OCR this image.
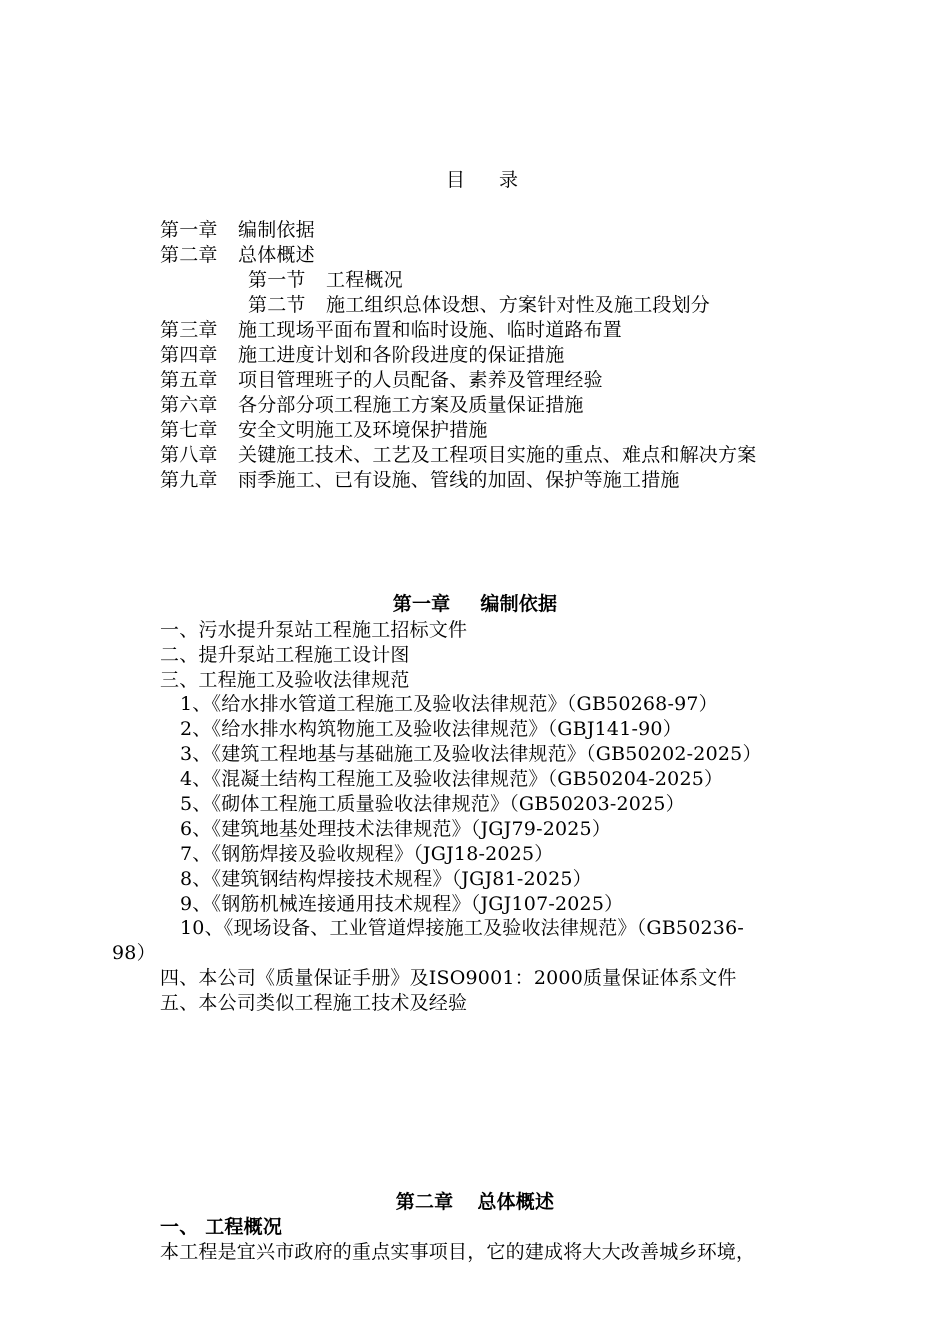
目 录
第一章 编制依据
第二章 总体概述
第一节 工程概况
第二节 施工组织总体设想、方案针对性及施工段划分
第三章 施工现场平面布置和临时设施、临时道路布置
第四章 施工进度计划和各阶段进度的保证措施
第五章 项目管理班子的人员配备、素养及管理经验
第六章 各分部分项工程施工方案及质量保证措施
第七章 安全文明施工及环境保护措施
第八章 关键施工技术、工艺及工程项目实施的重点、难点和解决方案
第九章 雨季施工、已有设施、管线的加固、保护等施工措施
第一章 编制依据
一、污水提升泵站工程施工招标文件
二、提升泵站工程施工设计图
三、工程施工及验收法律规范
1、《给水排水管道工程施工及验收法律规范》（GB50268-97）
2、《给水排水构筑物施工及验收法律规范》（GBJ141-90）
3、《建筑工程地基与基础施工及验收法律规范》（GB50202-2025）
4、《混凝土结构工程施工及验收法律规范》（GB50204-2025）
5、《砌体工程施工质量验收法律规范》（GB50203-2025）
6、《建筑地基处理技术法律规范》（JGJ79-2025）
7、《钢筋焊接及验收规程》（JGJ18-2025）
8、《建筑钢结构焊接技术规程》（JGJ81-2025）
9、《钢筋机械连接通用技术规程》（JGJ107-2025）
10、《现场设备、工业管道焊接施工及验收法律规范》（GB50236-
98）
四、本公司《质量保证手册》及ISO9001：2000质量保证体系文件
五、本公司类似工程施工技术及经验
第二章 总体概述
一、 工程概况
本工程是宜兴市政府的重点实事项目，它的建成将大大改善城乡环境，
